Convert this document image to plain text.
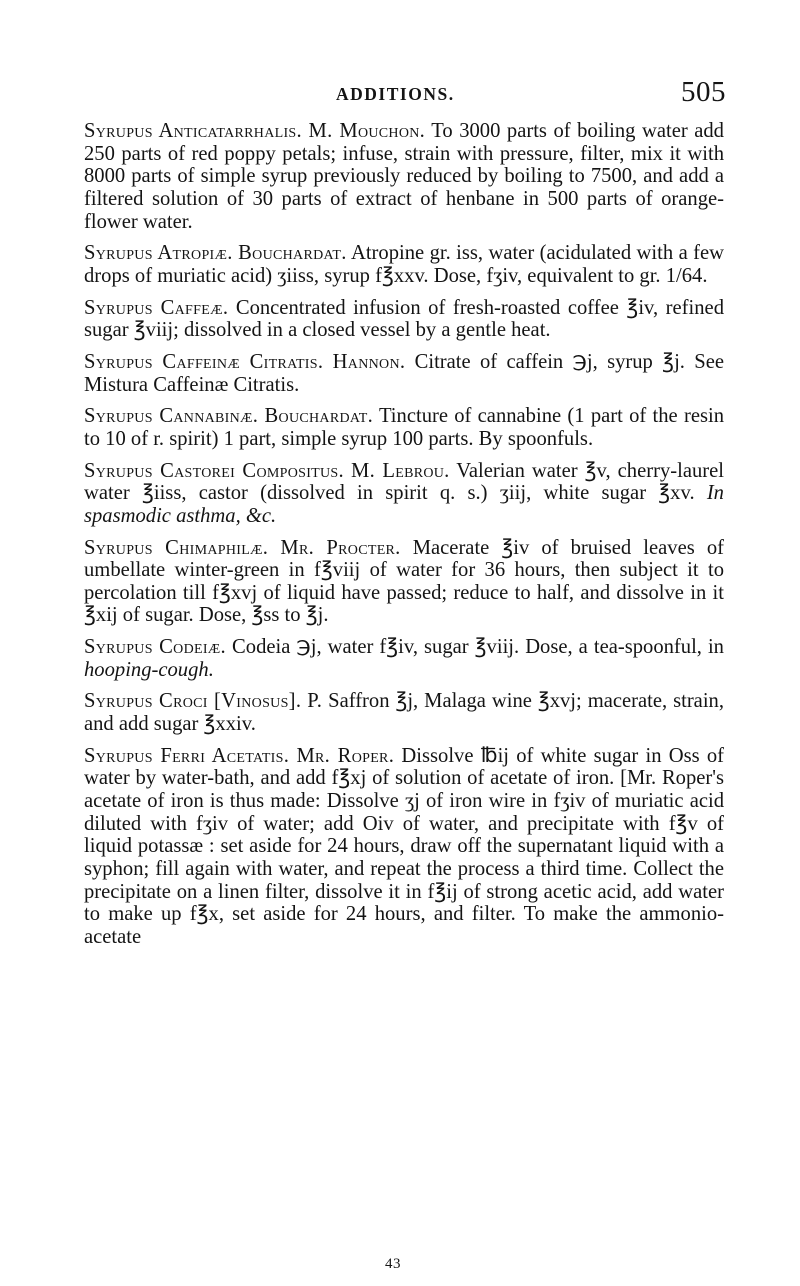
ADDITIONS.	505

Syrupus Anticatarrhalis. M. Mouchon. To 3000 parts of boiling water add 250 parts of red poppy petals; infuse, strain with pressure, filter, mix it with 8000 parts of simple syrup previously reduced by boiling to 7500, and add a filtered solution of 30 parts of extract of henbane in 500 parts of orange-flower water.

Syrupus Atropiæ. Bouchardat. Atropine gr. iss, water (acidulated with a few drops of muriatic acid) ʒiiss, syrup f℥xxv. Dose, fʒiv, equivalent to gr. 1/64.

Syrupus Caffeæ. Concentrated infusion of fresh-roasted coffee ℥iv, refined sugar ℥viij; dissolved in a closed vessel by a gentle heat.

Syrupus Caffeinæ Citratis. Hannon. Citrate of caffein ℈j, syrup ℥j. See Mistura Caffeinæ Citratis.

Syrupus Cannabinæ. Bouchardat. Tincture of cannabine (1 part of the resin to 10 of r. spirit) 1 part, simple syrup 100 parts. By spoonfuls.

Syrupus Castorei Compositus. M. Lebrou. Valerian water ℥v, cherry-laurel water ℥iiss, castor (dissolved in spirit q. s.) ʒiij, white sugar ℥xv. In spasmodic asthma, &c.

Syrupus Chimaphilæ. Mr. Procter. Macerate ℥iv of bruised leaves of umbellate winter-green in f℥viij of water for 36 hours, then subject it to percolation till f℥xvj of liquid have passed; reduce to half, and dissolve in it ℥xij of sugar. Dose, ℥ss to ℥j.

Syrupus Codeiæ. Codeia ℈j, water f℥iv, sugar ℥viij. Dose, a tea-spoonful, in hooping-cough.

Syrupus Croci [Vinosus]. P. Saffron ℥j, Malaga wine ℥xvj; macerate, strain, and add sugar ℥xxiv.

Syrupus Ferri Acetatis. Mr. Roper. Dissolve ℔ij of white sugar in Oss of water by water-bath, and add f℥xj of solution of acetate of iron. [Mr. Roper's acetate of iron is thus made: Dissolve ʒj of iron wire in fʒiv of muriatic acid diluted with fʒiv of water; add Oiv of water, and precipitate with f℥v of liquid potassæ : set aside for 24 hours, draw off the supernatant liquid with a syphon; fill again with water, and repeat the process a third time. Collect the precipitate on a linen filter, dissolve it in f℥ij of strong acetic acid, add water to make up f℥x, set aside for 24 hours, and filter. To make the ammonio-acetate

43
